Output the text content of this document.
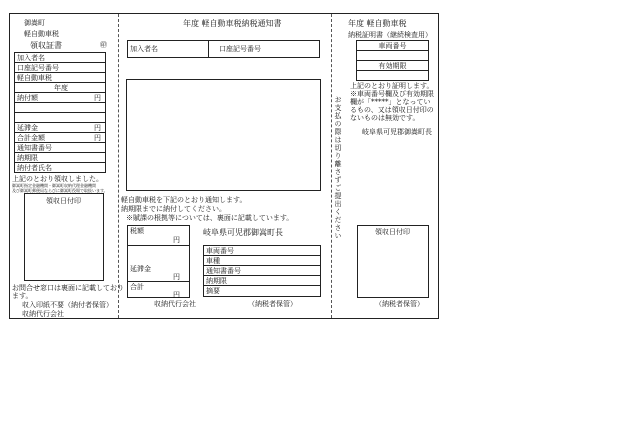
御嵩町
軽自動車税
領収証書	㊞
加入者名
口座記号番号
軽自動車税
年度
納付額	円
延滞金	円
合計金額	円
通知書番号
納期限
納付者氏名
上記のとおり領収しました。
御嵩町指定金融機関・御嵩町収納代理金融機関
及び御嵩町郵便局ならびに御嵩町役場で取扱います。
領収日付印
お問合せ窓口は裏面に記載しており
ます。
収入印紙不要（納付者保管）
収納代行会社
年度 軽自動車税納税通知書
加入者名	口座記号番号
軽自動車税を下記のとおり通知します。
納期限までに納付してください。
※賦課の根拠等については、裏面に記載しています。
税額
円
延滞金
円
合計
円
岐阜県可児郡御嵩町長
車両番号
車種
通知書番号
納期限
摘要
収納代行会社	（納税者保管）
お支払の際は切り離さずご提出ください
年度 軽自動車税
納税証明書（継続検査用）
車両番号
有効期限
上記のとおり証明します。
※車両番号欄及び有効期限
欄が「*****」となってい
るもの、又は領収日付印の
ないものは無効です。
岐阜県可児郡御嵩町長
領収日付印
（納税者保管）
